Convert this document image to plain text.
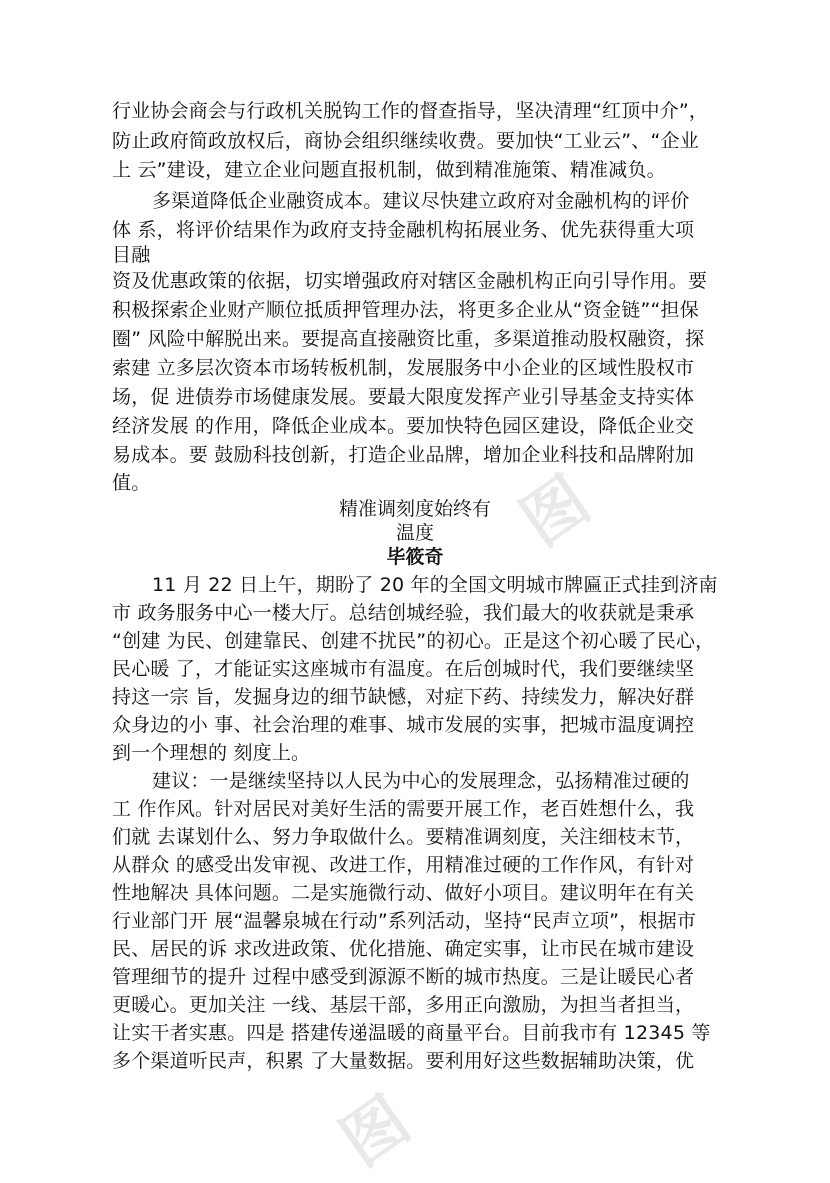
图
图
行业协会商会与行政机关脱钩工作的督查指导，坚决清理“红顶中介”，
防止政府简政放权后，商协会组织继续收费。要加快“工业云”、“企业
上 云”建设，建立企业问题直报机制，做到精准施策、精准减负。
多渠道降低企业融资成本。建议尽快建立政府对金融机构的评价
体 系，将评价结果作为政府支持金融机构拓展业务、优先获得重大项
目融
资及优惠政策的依据，切实增强政府对辖区金融机构正向引导作用。要
积极探索企业财产顺位抵质押管理办法，将更多企业从“资金链”“担保
圈” 风险中解脱出来。要提高直接融资比重，多渠道推动股权融资，探
索建 立多层次资本市场转板机制，发展服务中小企业的区域性股权市
场，促 进债券市场健康发展。要最大限度发挥产业引导基金支持实体
经济发展 的作用，降低企业成本。要加快特色园区建设，降低企业交
易成本。要 鼓励科技创新，打造企业品牌，增加企业科技和品牌附加
值。
精准调刻度始终有
温度
毕筱奇
11 月 22 日上午，期盼了 20 年的全国文明城市牌匾正式挂到济南
市 政务服务中心一楼大厅。总结创城经验，我们最大的收获就是秉承
“创建 为民、创建靠民、创建不扰民”的初心。正是这个初心暖了民心，
民心暖 了，才能证实这座城市有温度。在后创城时代，我们要继续坚
持这一宗 旨，发掘身边的细节缺憾，对症下药、持续发力，解决好群
众身边的小 事、社会治理的难事、城市发展的实事，把城市温度调控
到一个理想的 刻度上。
建议：一是继续坚持以人民为中心的发展理念，弘扬精准过硬的
工 作作风。针对居民对美好生活的需要开展工作，老百姓想什么，我
们就 去谋划什么、努力争取做什么。要精准调刻度，关注细枝末节，
从群众 的感受出发审视、改进工作，用精准过硬的工作作风，有针对
性地解决 具体问题。二是实施微行动、做好小项目。建议明年在有关
行业部门开 展“温馨泉城在行动”系列活动，坚持“民声立项”，根据市
民、居民的诉 求改进政策、优化措施、确定实事，让市民在城市建设
管理细节的提升 过程中感受到源源不断的城市热度。三是让暖民心者
更暖心。更加关注 一线、基层干部，多用正向激励，为担当者担当，
让实干者实惠。四是 搭建传递温暖的商量平台。目前我市有 12345 等
多个渠道听民声，积累 了大量数据。要利用好这些数据辅助决策，优
